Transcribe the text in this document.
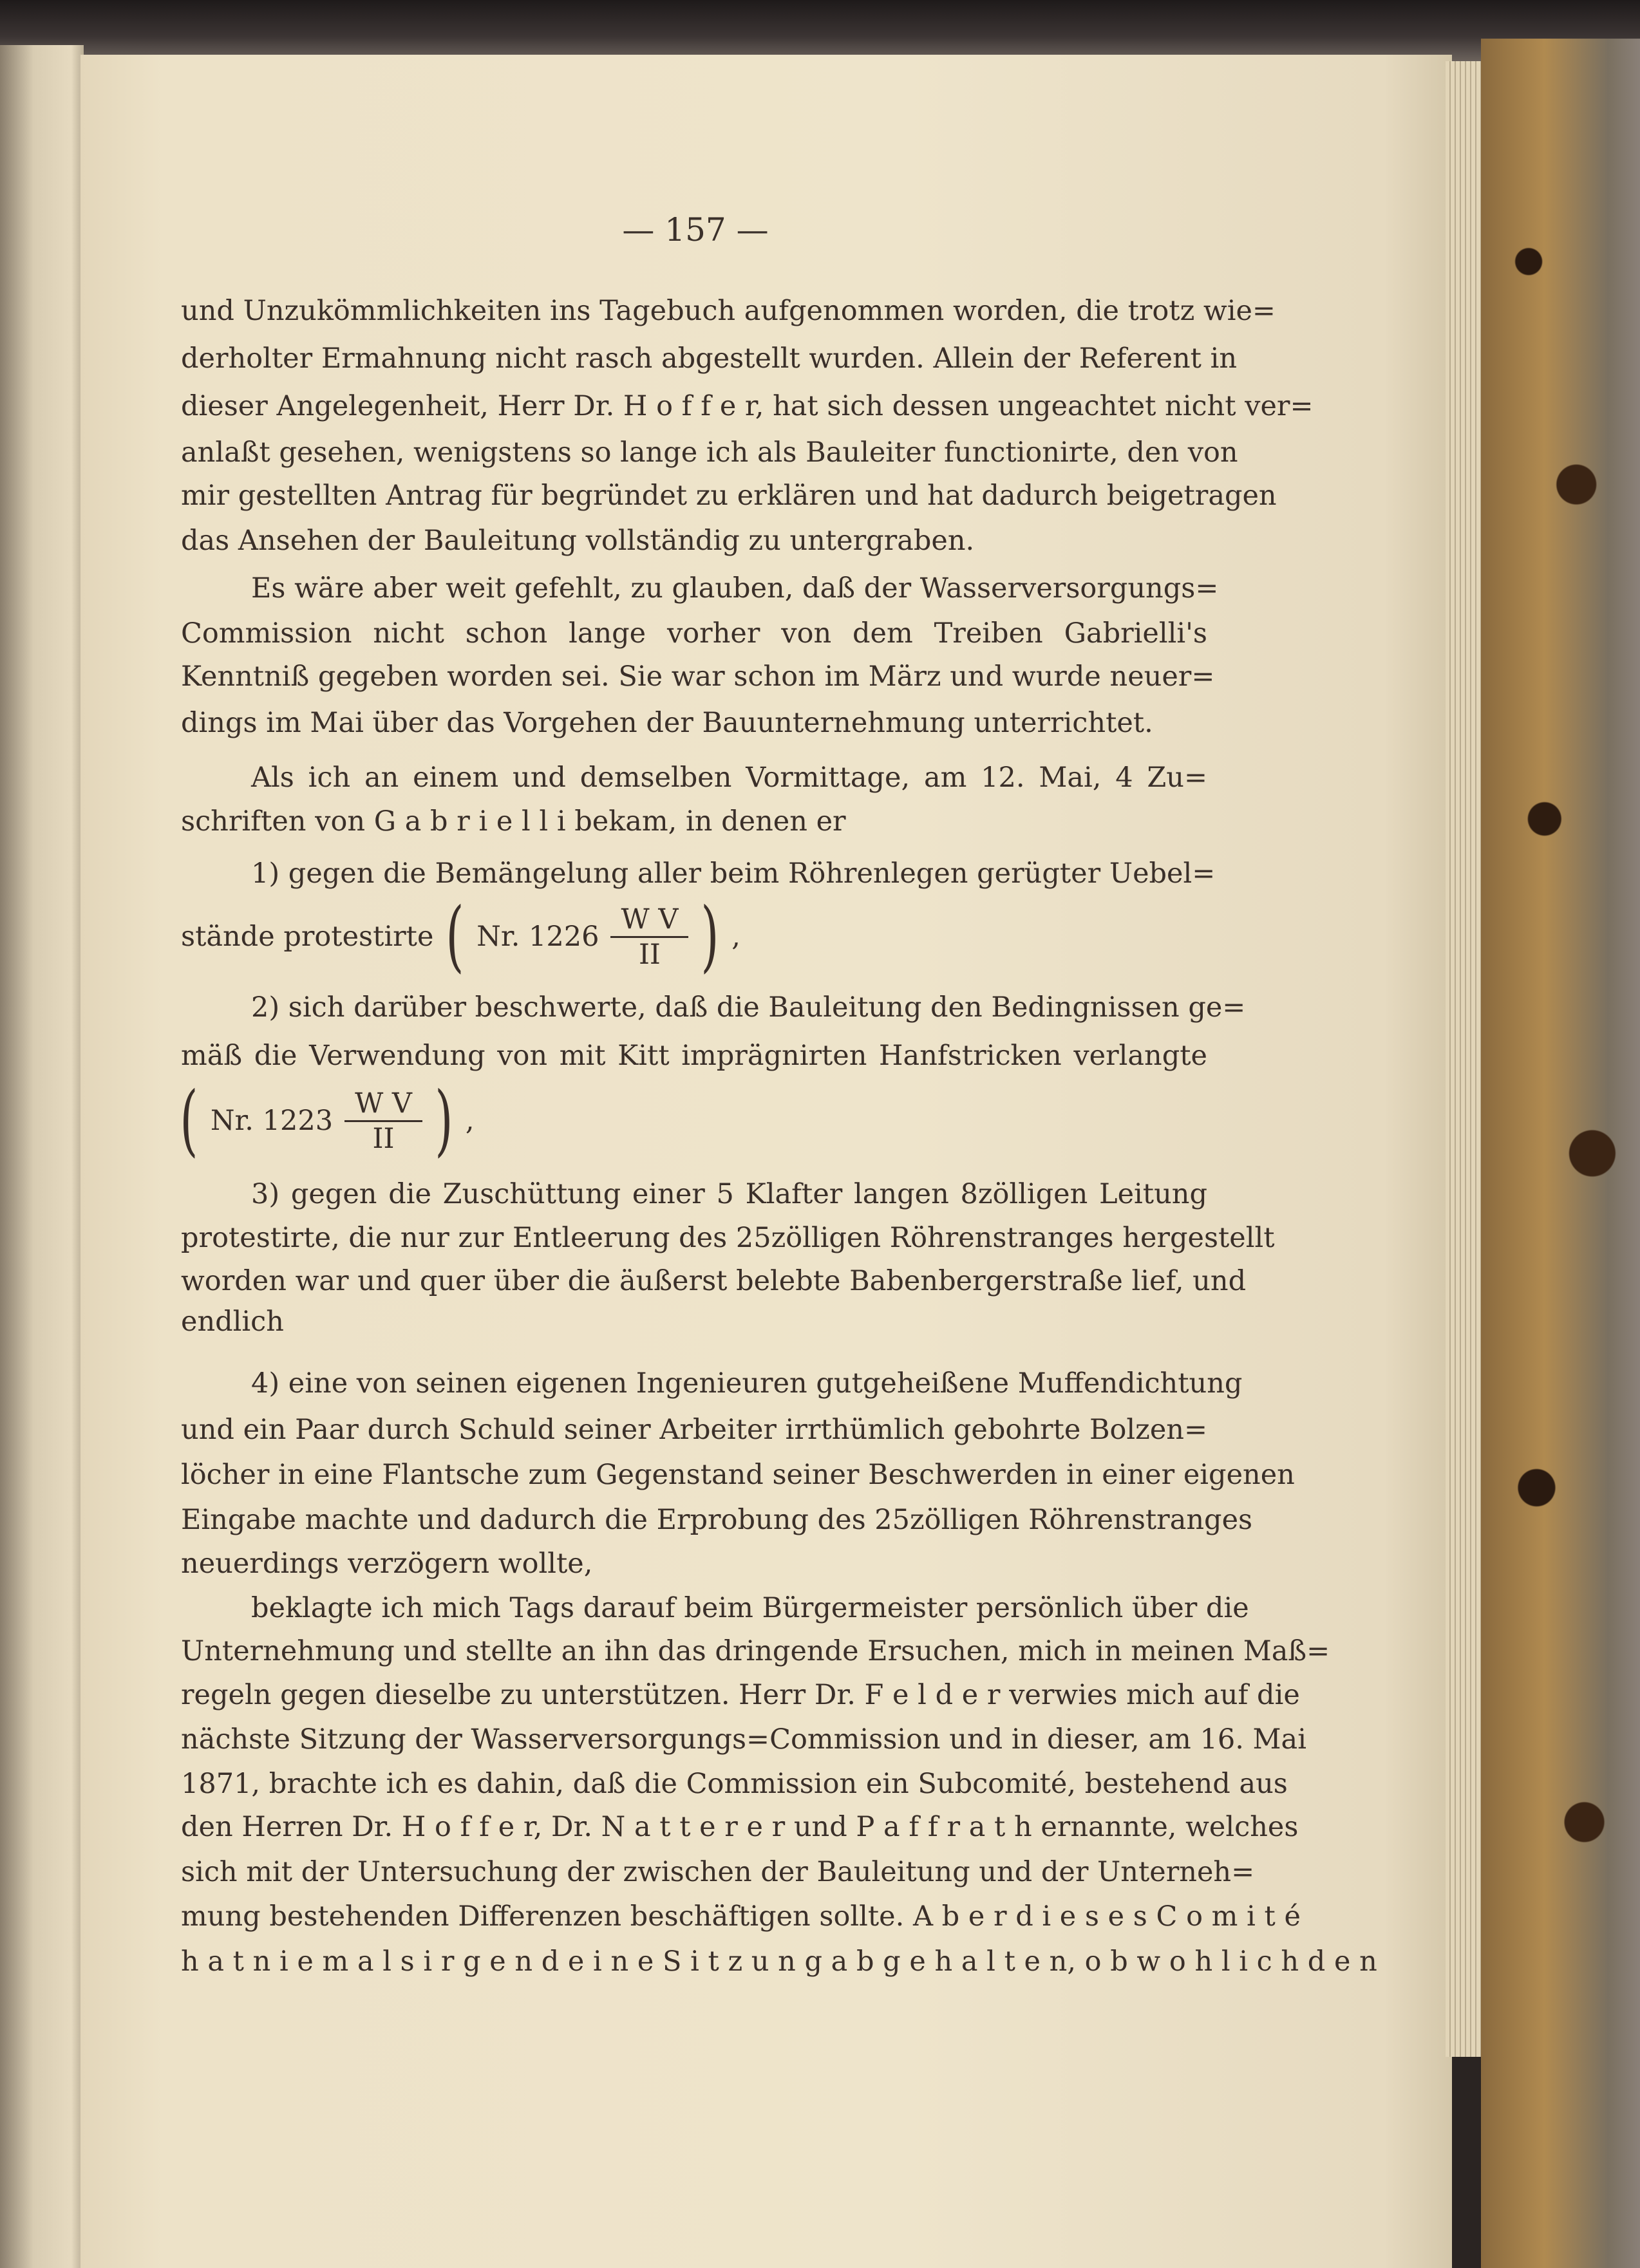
— 157 —
und Unzukömmlichkeiten ins Tagebuch aufgenommen worden, die trotz wie=
derholter Ermahnung nicht rasch abgestellt wurden. Allein der Referent in
dieser Angelegenheit, Herr Dr. H o f f e r, hat sich dessen ungeachtet nicht ver=
anlaßt gesehen, wenigstens so lange ich als Bauleiter functionirte, den von
mir gestellten Antrag für begründet zu erklären und hat dadurch beigetragen
das Ansehen der Bauleitung vollständig zu untergraben.
Es wäre aber weit gefehlt, zu glauben, daß der Wasserversorgungs=
Commission nicht schon lange vorher von dem Treiben Gabrielli's
Kenntniß gegeben worden sei. Sie war schon im März und wurde neuer=
dings im Mai über das Vorgehen der Bauunternehmung unterrichtet.
Als ich an einem und demselben Vormittage, am 12. Mai, 4 Zu=
schriften von G a b r i e l l i bekam, in denen er
1) gegen die Bemängelung aller beim Röhrenlegen gerügter Uebel=
2) sich darüber beschwerte, daß die Bauleitung den Bedingnissen ge=
mäß die Verwendung von mit Kitt imprägnirten Hanfstricken verlangte
3) gegen die Zuschüttung einer 5 Klafter langen 8zölligen Leitung
protestirte, die nur zur Entleerung des 25zölligen Röhrenstranges hergestellt
worden war und quer über die äußerst belebte Babenbergerstraße lief, und
endlich
4) eine von seinen eigenen Ingenieuren gutgeheißene Muffendichtung
und ein Paar durch Schuld seiner Arbeiter irrthümlich gebohrte Bolzen=
löcher in eine Flantsche zum Gegenstand seiner Beschwerden in einer eigenen
Eingabe machte und dadurch die Erprobung des 25zölligen Röhrenstranges
neuerdings verzögern wollte,
beklagte ich mich Tags darauf beim Bürgermeister persönlich über die
Unternehmung und stellte an ihn das dringende Ersuchen, mich in meinen Maß=
regeln gegen dieselbe zu unterstützen. Herr Dr. F e l d e r verwies mich auf die
nächste Sitzung der Wasserversorgungs=Commission und in dieser, am 16. Mai
1871, brachte ich es dahin, daß die Commission ein Subcomité, bestehend aus
den Herren Dr. H o f f e r, Dr. N a t t e r e r und P a f f r a t h ernannte, welches
sich mit der Untersuchung der zwischen der Bauleitung und der Unterneh=
mung bestehenden Differenzen beschäftigen sollte. A b e r d i e s e s C o m i t é
h a t n i e m a l s i r g e n d e i n e S i t z u n g a b g e h a l t e n, o b w o h l i c h d e n
stände protestirte ( Nr. $1226 \frac{\text{W V}}{II}$ ) ,
( Nr. $1223 \frac{\text{W V}}{II}$ ) ,
